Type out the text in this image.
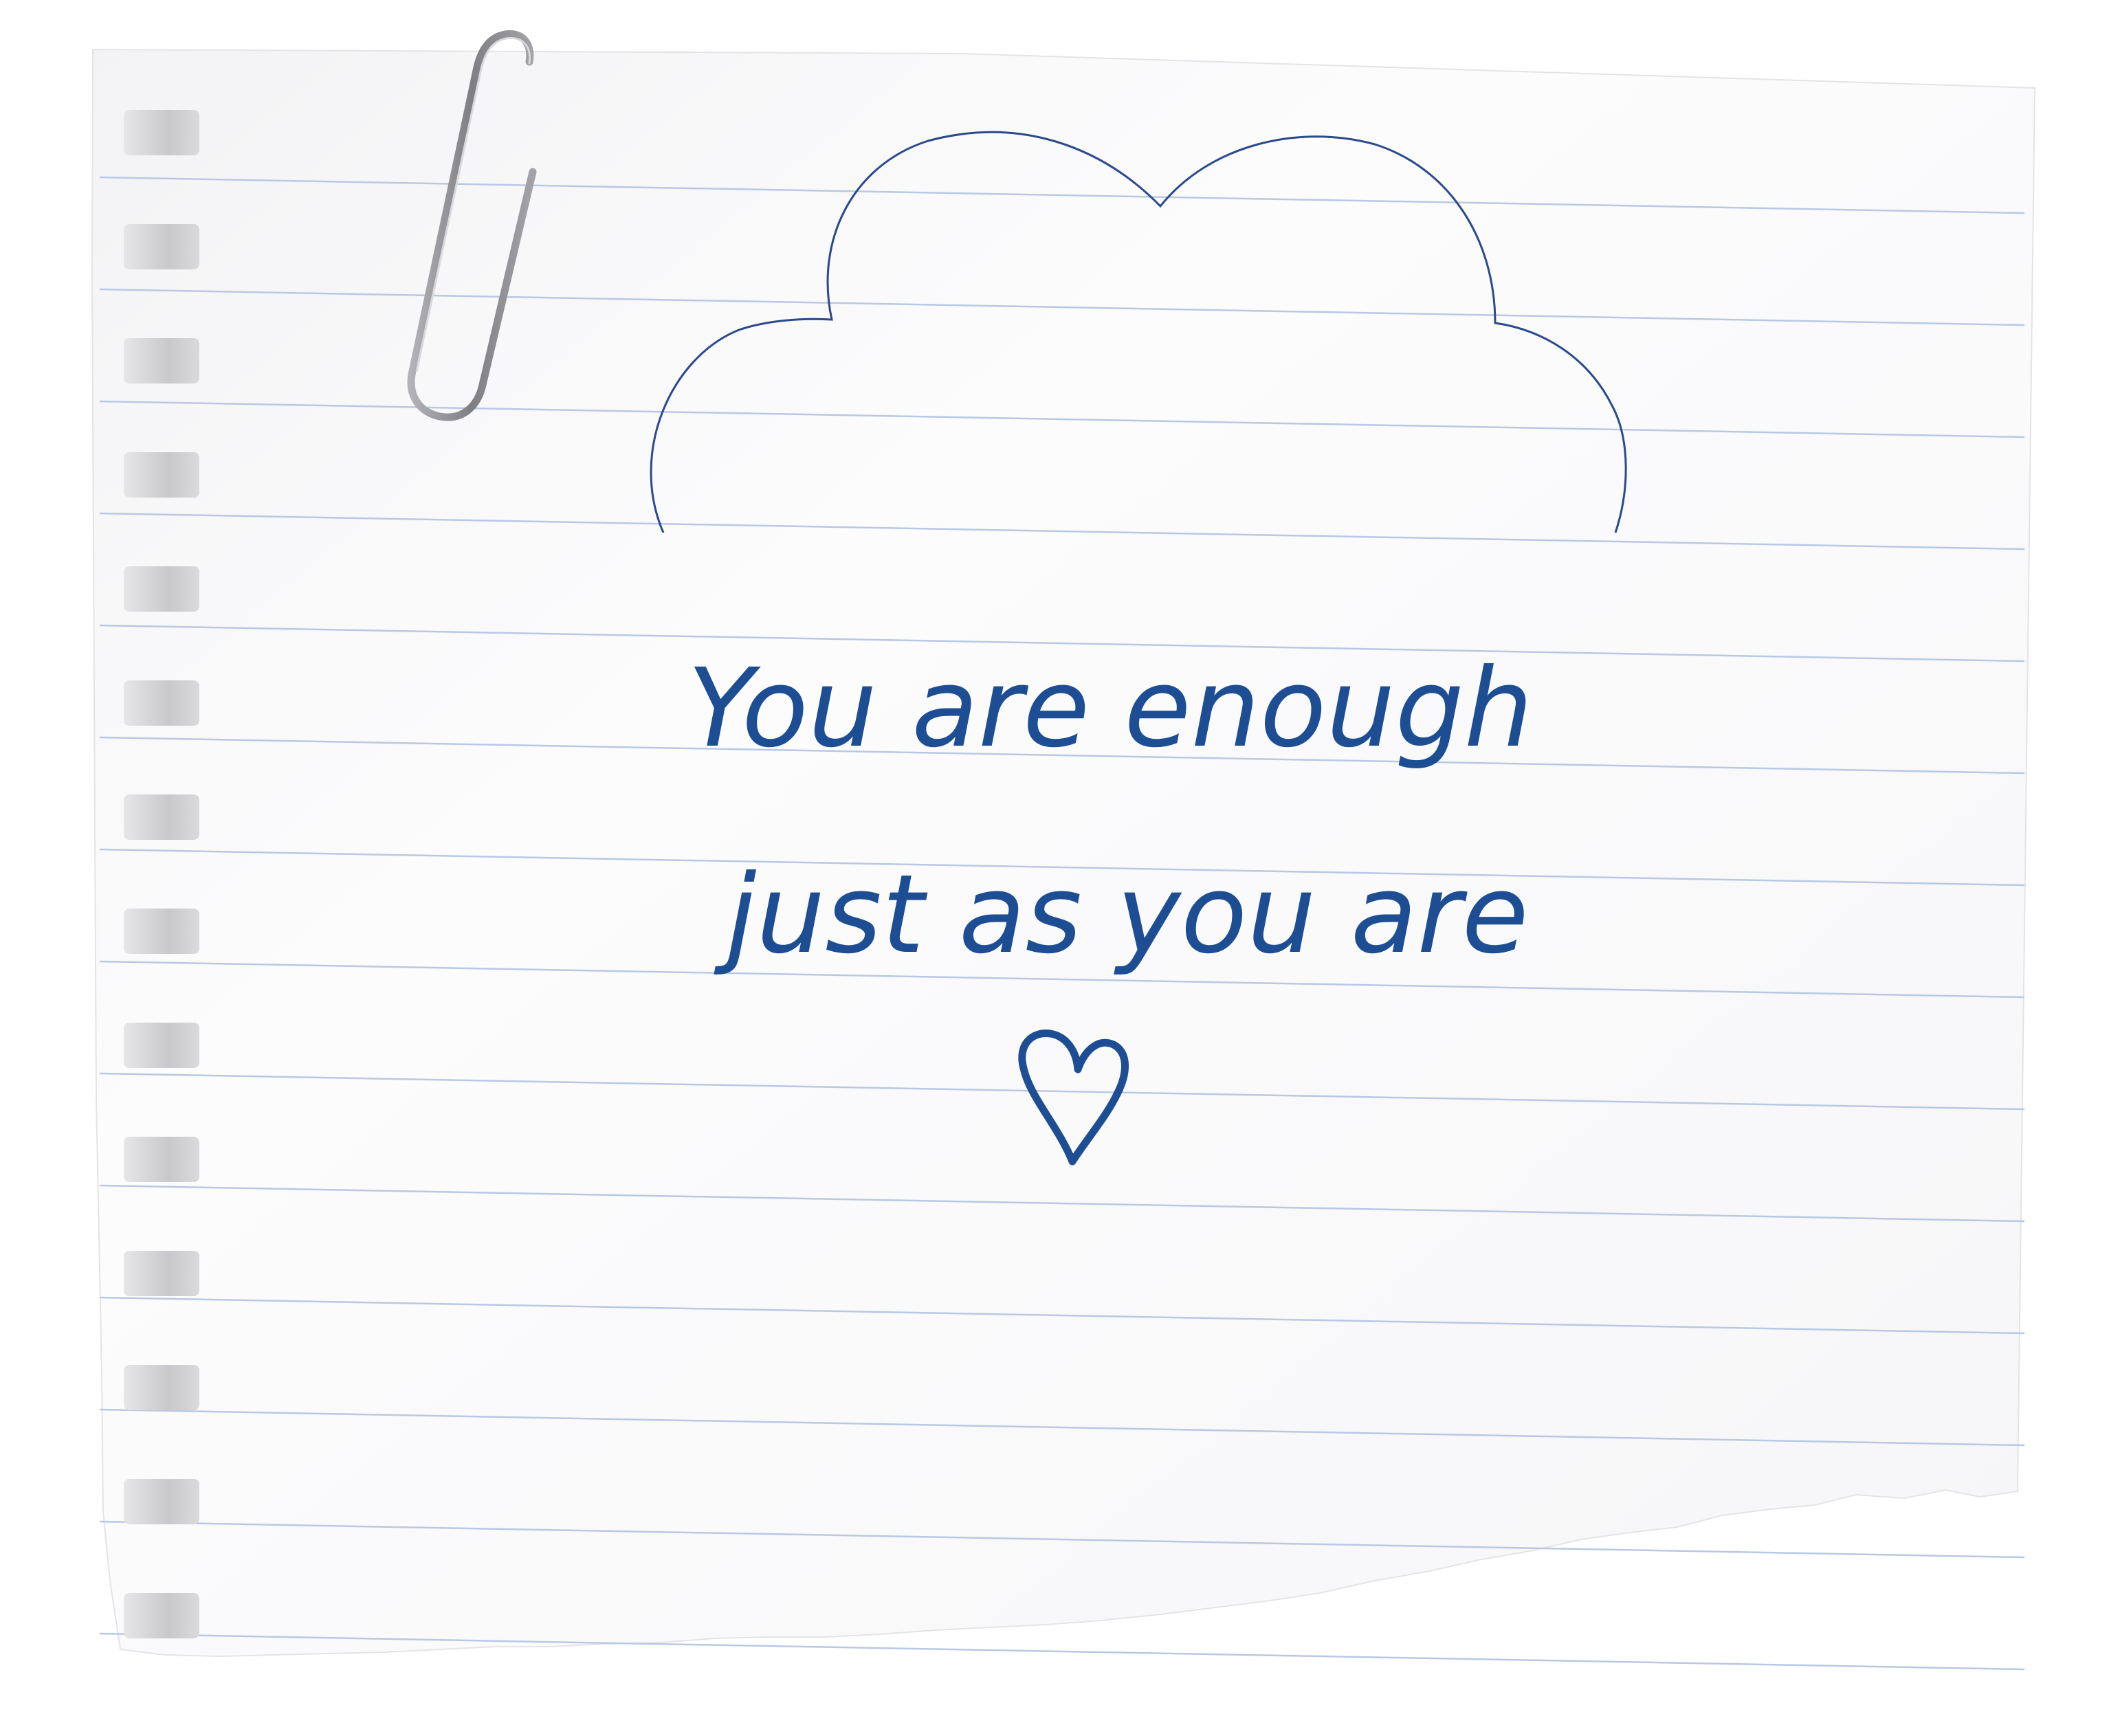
You are enough
just as you are
